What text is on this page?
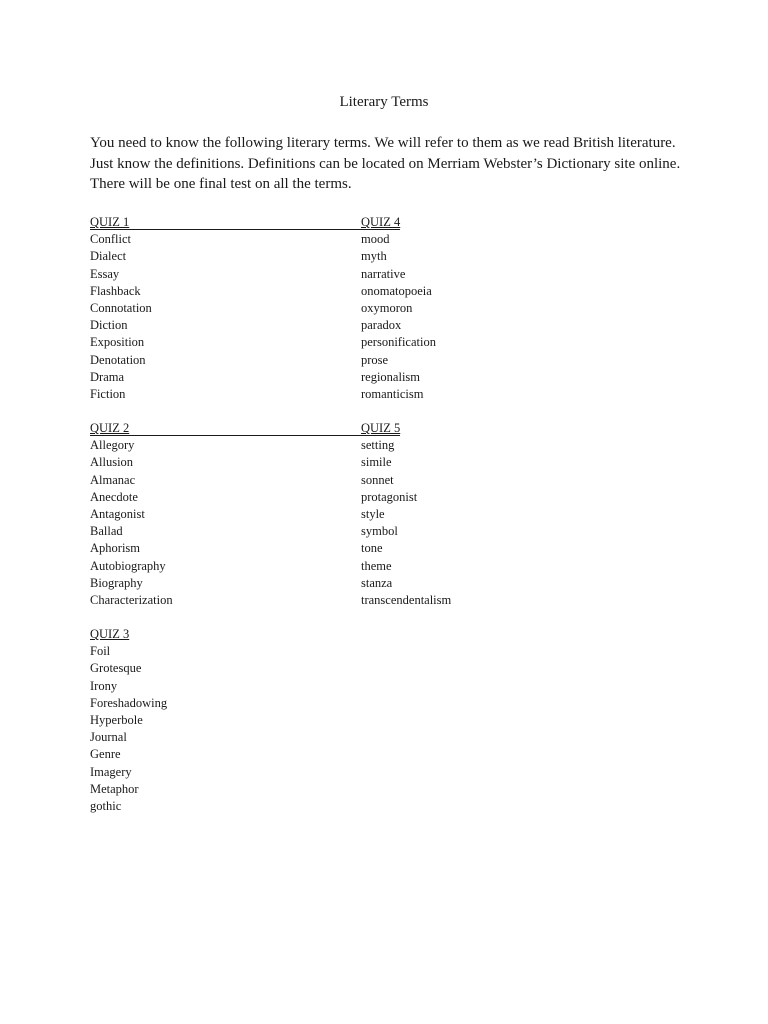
Literary Terms

You need to know the following literary terms. We will refer to them as we read British literature. Just know the definitions. Definitions can be located on Merriam Webster’s Dictionary site online. There will be one final test on all the terms.

QUIZ 1
Conflict
Dialect
Essay
Flashback
Connotation
Diction
Exposition
Denotation
Drama
Fiction
QUIZ 2
Allegory
Allusion
Almanac
Anecdote
Antagonist
Ballad
Aphorism
Autobiography
Biography
Characterization
QUIZ 3
Foil
Grotesque
Irony
Foreshadowing
Hyperbole
Journal
Genre
Imagery
Metaphor
gothic
QUIZ 4
mood
myth
narrative
onomatopoeia
oxymoron
paradox
personification
prose
regionalism
romanticism
QUIZ 5
setting
simile
sonnet
protagonist
style
symbol
tone
theme
stanza
transcendentalism
